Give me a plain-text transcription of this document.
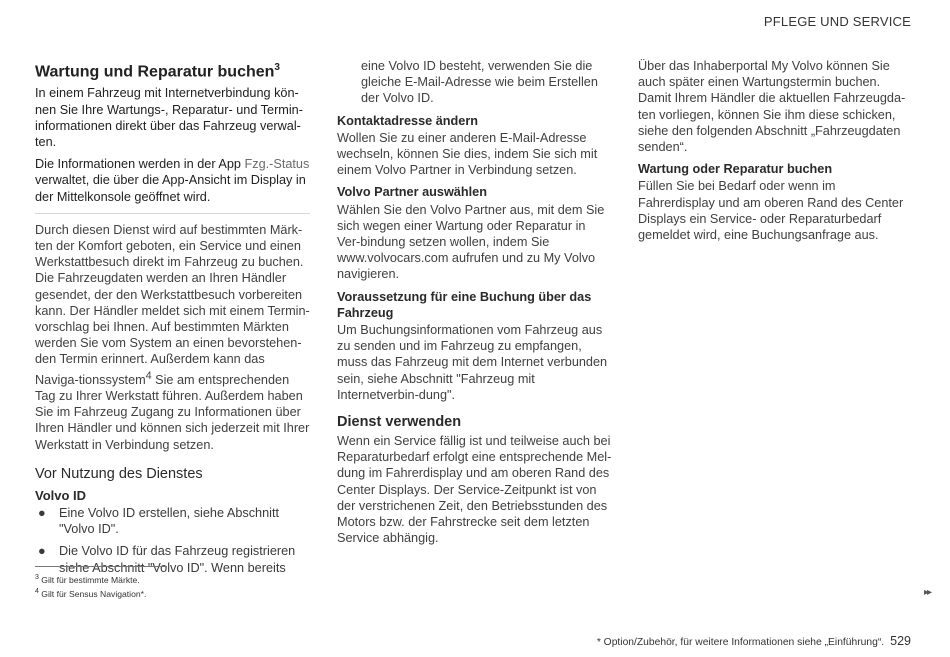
PFLEGE UND SERVICE
Wartung und Reparatur buchen$^3$

In einem Fahrzeug mit Internetverbindung kön-nen Sie Ihre Wartungs-, Reparatur- und Termin-informationen direkt über das Fahrzeug verwal-ten.

Die Informationen werden in der App Fzg.-Status verwaltet, die über die App-Ansicht im Display in der Mittelkonsole geöffnet wird.

Durch diesen Dienst wird auf bestimmten Märk-ten der Komfort geboten, ein Service und einen Werkstattbesuch direkt im Fahrzeug zu buchen. Die Fahrzeugdaten werden an Ihren Händler gesendet, der den Werkstattbesuch vorbereiten kann. Der Händler meldet sich mit einem Termin-vorschlag bei Ihnen. Auf bestimmten Märkten werden Sie vom System an einen bevorstehen-den Termin erinnert. Außerdem kann das Naviga-tionssystem$^4$ Sie am entsprechenden Tag zu Ihrer Werkstatt führen. Außerdem haben Sie im Fahrzeug Zugang zu Informationen über Ihren Händler und können sich jederzeit mit Ihrer Werkstatt in Verbindung setzen.

Vor Nutzung des Dienstes
Volvo ID
● Eine Volvo ID erstellen, siehe Abschnitt "Volvo ID".
● Die Volvo ID für das Fahrzeug registrieren siehe Abschnitt "Volvo ID". Wenn bereits

eine Volvo ID besteht, verwenden Sie die gleiche E-Mail-Adresse wie beim Erstellen der Volvo ID.

Kontaktadresse ändern

Wollen Sie zu einer anderen E-Mail-Adresse wechseln, können Sie dies, indem Sie sich mit einem Volvo Partner in Verbindung setzen.

Volvo Partner auswählen

Wählen Sie den Volvo Partner aus, mit dem Sie sich wegen einer Wartung oder Reparatur in Ver-bindung setzen wollen, indem Sie www.volvocars.com aufrufen und zu My Volvo navigieren.

Voraussetzung für eine Buchung über das Fahrzeug

Um Buchungsinformationen vom Fahrzeug aus zu senden und im Fahrzeug zu empfangen, muss das Fahrzeug mit dem Internet verbunden sein, siehe Abschnitt "Fahrzeug mit Internetverbin-dung".

Dienst verwenden

Wenn ein Service fällig ist und teilweise auch bei Reparaturbedarf erfolgt eine entsprechende Mel-dung im Fahrerdisplay und am oberen Rand des Center Displays. Der Service-Zeitpunkt ist von der verstrichenen Zeit, den Betriebsstunden des Motors bzw. der Fahrstrecke seit dem letzten Service abhängig.

Über das Inhaberportal My Volvo können Sie auch später einen Wartungstermin buchen. Damit Ihrem Händler die aktuellen Fahrzeugda-ten vorliegen, können Sie ihm diese schicken, siehe den folgenden Abschnitt „Fahrzeugdaten senden“.

Wartung oder Reparatur buchen

Füllen Sie bei Bedarf oder wenn im Fahrerdisplay und am oberen Rand des Center Displays ein Service- oder Reparaturbedarf gemeldet wird, eine Buchungsanfrage aus.

$^3$ Gilt für bestimmte Märkte.
$^4$ Gilt für Sensus Navigation*.	▸▸
* Option/Zubehör, für weitere Informationen siehe „Einführung“. 529
